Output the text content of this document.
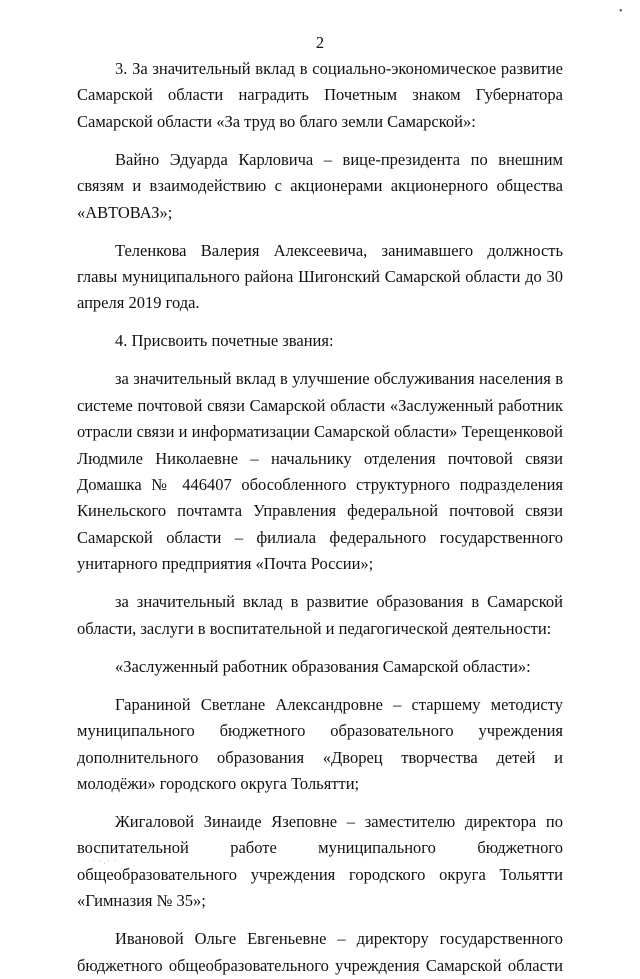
•
2

3. За значительный вклад в социально-экономическое развитие Самарской области наградить Почетным знаком Губернатора Самарской области «За труд во благо земли Самарской»:

Вайно Эдуарда Карловича – вице-президента по внешним связям и взаимодействию с акционерами акционерного общества «АВТОВАЗ»;

Теленкова Валерия Алексеевича, занимавшего должность главы муниципального района Шигонский Самарской области до 30 апреля 2019 года.

4. Присвоить почетные звания:

за значительный вклад в улучшение обслуживания населения в системе почтовой связи Самарской области «Заслуженный работник отрасли связи и информатизации Самарской области» Терещенковой Людмиле Николаевне – начальнику отделения почтовой связи Домашка № 446407 обособленного структурного подразделения Кинельского почтамта Управления федеральной почтовой связи Самарской области – филиала федерального государственного унитарного предприятия «Почта России»;

за значительный вклад в развитие образования в Самарской области, заслуги в воспитательной и педагогической деятельности:

«Заслуженный работник образования Самарской области»:

Гараниной Светлане Александровне – старшему методисту муниципального бюджетного образовательного учреждения дополнительного образования «Дворец творчества детей и молодёжи» городского округа Тольятти;

Жигаловой Зинаиде Язеповне – заместителю директора по воспитательной работе муниципального бюджетного общеобразовательного учреждения городского округа Тольятти «Гимназия № 35»;

Ивановой Ольге Евгеньевне – директору государственного бюджетного общеобразовательного учреждения Самарской области

· ·.· ·
